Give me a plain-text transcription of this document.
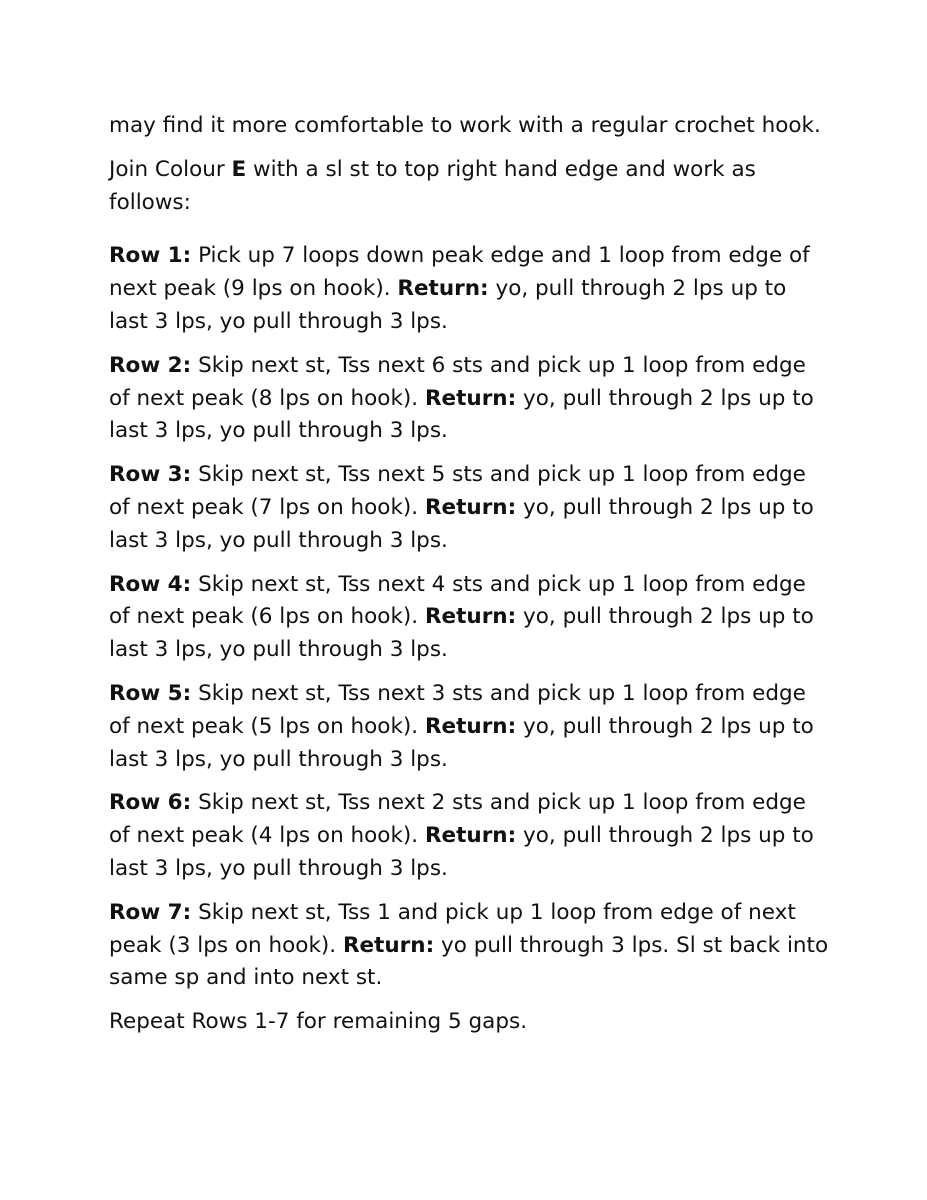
may find it more comfortable to work with a regular crochet hook.

Join Colour E with a sl st to top right hand edge and work as follows:

Row 1: Pick up 7 loops down peak edge and 1 loop from edge of next peak (9 lps on hook). Return: yo, pull through 2 lps up to last 3 lps, yo pull through 3 lps.

Row 2: Skip next st, Tss next 6 sts and pick up 1 loop from edge of next peak (8 lps on hook). Return: yo, pull through 2 lps up to last 3 lps, yo pull through 3 lps.

Row 3: Skip next st, Tss next 5 sts and pick up 1 loop from edge of next peak (7 lps on hook). Return: yo, pull through 2 lps up to last 3 lps, yo pull through 3 lps.

Row 4: Skip next st, Tss next 4 sts and pick up 1 loop from edge of next peak (6 lps on hook). Return: yo, pull through 2 lps up to last 3 lps, yo pull through 3 lps.

Row 5: Skip next st, Tss next 3 sts and pick up 1 loop from edge of next peak (5 lps on hook). Return: yo, pull through 2 lps up to last 3 lps, yo pull through 3 lps.

Row 6: Skip next st, Tss next 2 sts and pick up 1 loop from edge of next peak (4 lps on hook). Return: yo, pull through 2 lps up to last 3 lps, yo pull through 3 lps.

Row 7: Skip next st, Tss 1 and pick up 1 loop from edge of next peak (3 lps on hook). Return: yo pull through 3 lps. Sl st back into same sp and into next st.

Repeat Rows 1-7 for remaining 5 gaps.
